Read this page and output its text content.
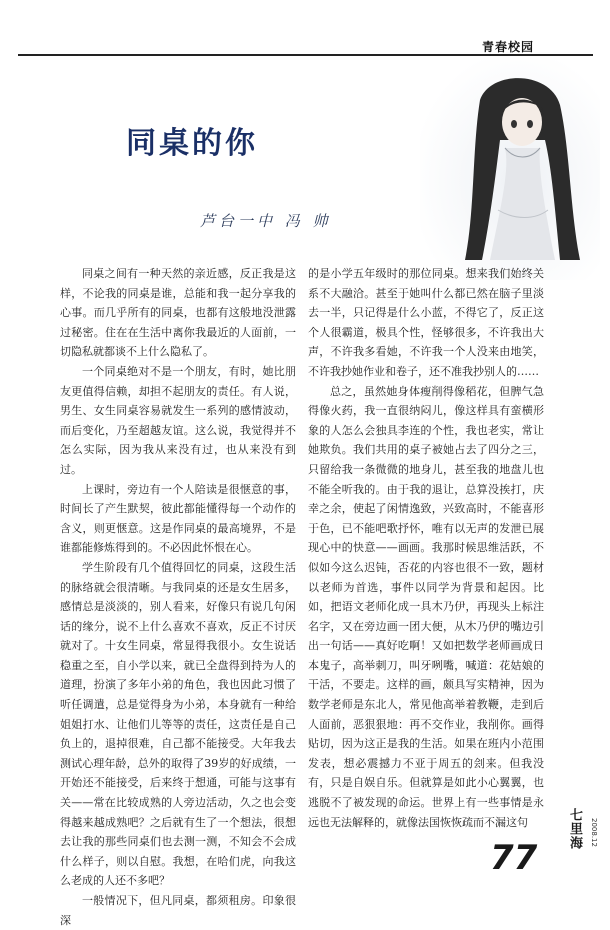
青春校园
同桌的你
芦台一中 冯 帅

同桌之间有一种天然的亲近感，反正我是这样，不论我的同桌是谁，总能和我一起分享我的心事。而几乎所有的同桌，也都有这般地没泄露过秘密。住在在生活中离你我最近的人面前，一切隐私就都谈不上什么隐私了。

一个同桌绝对不是一个朋友，有时，她比朋友更值得信赖，却担不起朋友的责任。有人说，男生、女生同桌容易就发生一系列的感情波动，而后变化，乃至超越友谊。这么说，我觉得并不怎么实际，因为我从来没有过，也从来没有到过。

上课时，旁边有一个人陪读是很惬意的事，时间长了产生默契，彼此都能懂得每一个动作的含义，则更惬意。这是作同桌的最高境界，不是谁都能修炼得到的。不必因此怀恨在心。

学生阶段有几个值得回忆的同桌，这段生活的脉络就会很清晰。与我同桌的还是女生居多，感情总是淡淡的，别人看来，好像只有说几句闲话的缘分，说不上什么喜欢不喜欢，反正不讨厌就对了。十女生同桌，常显得我很小。女生说话稳重之至，自小学以来，就已全盘得到持为人的道理，扮演了多年小弟的角色，我也因此习惯了听任调遣，总是觉得身为小弟，本身就有一种给姐姐打水、让他们儿等等的责任，这责任是自己负上的，退掉很难，自己都不能接受。大年我去测试心理年龄，总外的取得了39岁的好成绩，一开始还不能接受，后来终于想通，可能与这事有关——常在比较成熟的人旁边活动，久之也会变得越来越成熟吧？之后就有生了一个想法，很想去让我的那些同桌们也去测一测，不知会不会成什么样子，则以自慰。我想，在哈们虎，向我这么老成的人还不多吧？

一般情况下，但凡同桌，都须租房。印象很深

的是小学五年级时的那位同桌。想来我们始终关系不大融洽。甚至于她叫什么都已然在脑子里淡去一半，只记得是什么小蓝，不得它了，反正这个人很霸道，极具个性，怪够很多，不许我出大声，不许我多看她，不许我一个人没来由地笑，不许我抄她作业和卷子，还不准我抄别人的……

总之，虽然她身体瘦削得像稻花，但脾气急得像火药，我一直很纳闷儿，像这样具有蛮横形象的人怎么会独具李连的个性，我也老实，常让她欺负。我们共用的桌子被她占去了四分之三，只留给我一条微微的地身儿，甚至我的地盘儿也不能全听我的。由于我的退让，总算没挨打，庆幸之余，使起了闲情逸致，兴致高时，不能喜形于色，已不能吧歌抒怀，唯有以无声的发泄已展现心中的快意——画画。我那时候思维活跃，不似如今这么迟钝，否花的内容也很不一致，题材以老师为首选，事件以同学为背景和起因。比如，把语文老师化成一具木乃伊，再现头上标注名字，又在旁边画一团大便，从木乃伊的嘴边引出一句话——真好吃啊！又如把数学老师画成日本鬼子，高举刺刀，叫牙咧嘴，喊道：花姑娘的干活，不要走。这样的画，颇具写实精神，因为数学老师是东北人，常见他高举着教鞭，走到后人面前，恶狠狠地：再不交作业，我削你。画得贴切，因为这正是我的生活。如果在班内小范围发表，想必震撼力不亚于周五的刽来。但我没有，只是自娱自乐。但就算是如此小心翼翼，也逃脱不了被发现的命运。世界上有一些事情是永远也无法解释的，就像法国恢恢疏而不漏这句	七里海	2008.12
77
